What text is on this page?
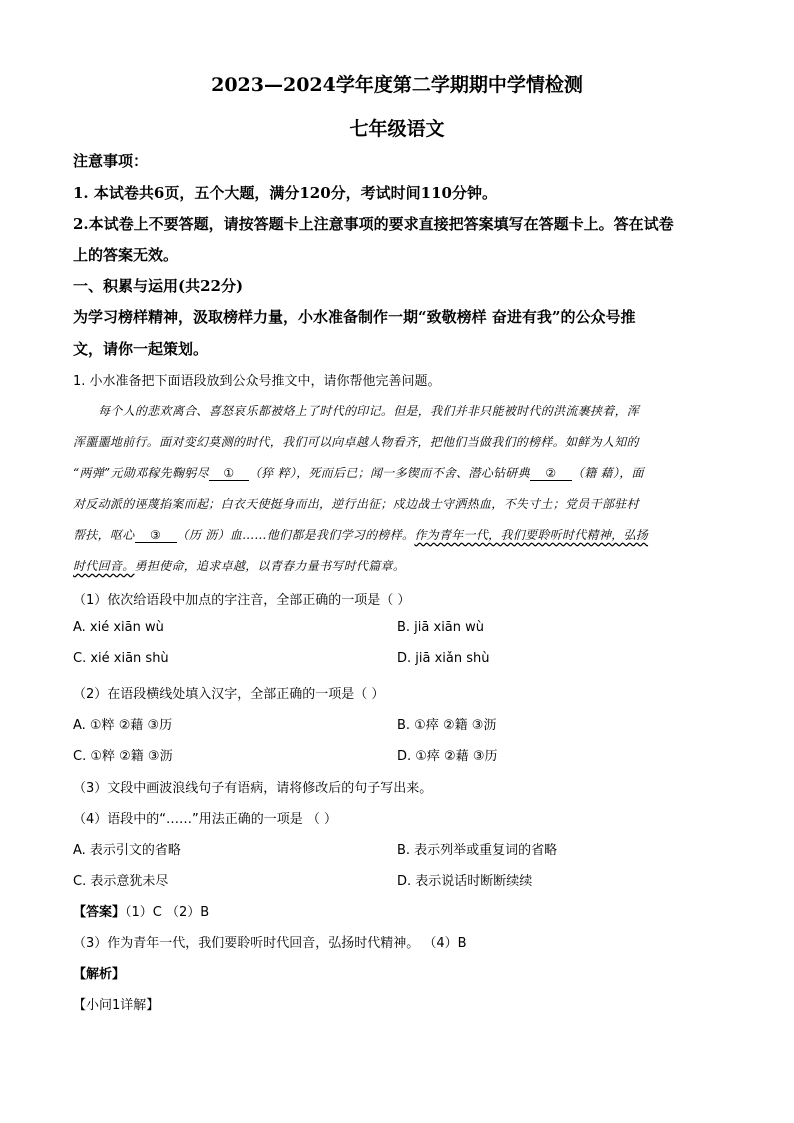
2023—2024学年度第二学期期中学情检测
七年级语文
注意事项：
1. 本试卷共6页，五个大题，满分120分，考试时间110分钟。
2.本试卷上不要答题，请按答题卡上注意事项的要求直接把答案填写在答题卡上。答在试卷
上的答案无效。
一、积累与运用(共22分)
为学习榜样精神，汲取榜样力量，小水准备制作一期“致敬榜样 奋进有我”的公众号推
文，请你一起策划。
1. 小水准备把下面语段放到公众号推文中，请你帮他完善问题。
每个人的悲欢离合、喜怒哀乐都被烙上了时代的印记。但是，我们并非只能被时代的洪流裹挟着，浑
浑噩噩地前行。面对变幻莫测的时代，我们可以向卓越人物看齐，把他们当做我们的榜样。如鲜为人知的
“两弹”元勋邓稼先鞠躬尽 ① （猝 粹），死而后已；闻一多锲而不舍、潜心钻研典 ② （籍 藉），面
对反动派的诬蔑掐案而起；白衣天使挺身而出，逆行出征；戍边战士守洒热血，不失寸土；党员干部驻村
帮扶，呕心 ③ （历 沥）血……他们都是我们学习的榜样。作为青年一代，我们要聆听时代精神，弘扬
时代回音。勇担使命，追求卓越，以青春力量书写时代篇章。
（1）依次给语段中加点的字注音，全部正确的一项是（ ）
A. xié xiān wù	B. jiā xiān wù
C. xié xiān shù	D. jiā xiǎn shù
（2）在语段横线处填入汉字，全部正确的一项是（ ）
A. ①粹 ②藉 ③历	B. ①瘁 ②籍 ③沥
C. ①粹 ②籍 ③沥	D. ①瘁 ②藉 ③历
（3）文段中画波浪线句子有语病，请将修改后的句子写出来。
（4）语段中的“……”用法正确的一项是 （ ）
A. 表示引文的省略	B. 表示列举或重复词的省略
C. 表示意犹未尽	D. 表示说话时断断续续
【答案】（1）C （2）B
（3）作为青年一代，我们要聆听时代回音，弘扬时代精神。 （4）B
【解析】
【小问1详解】
